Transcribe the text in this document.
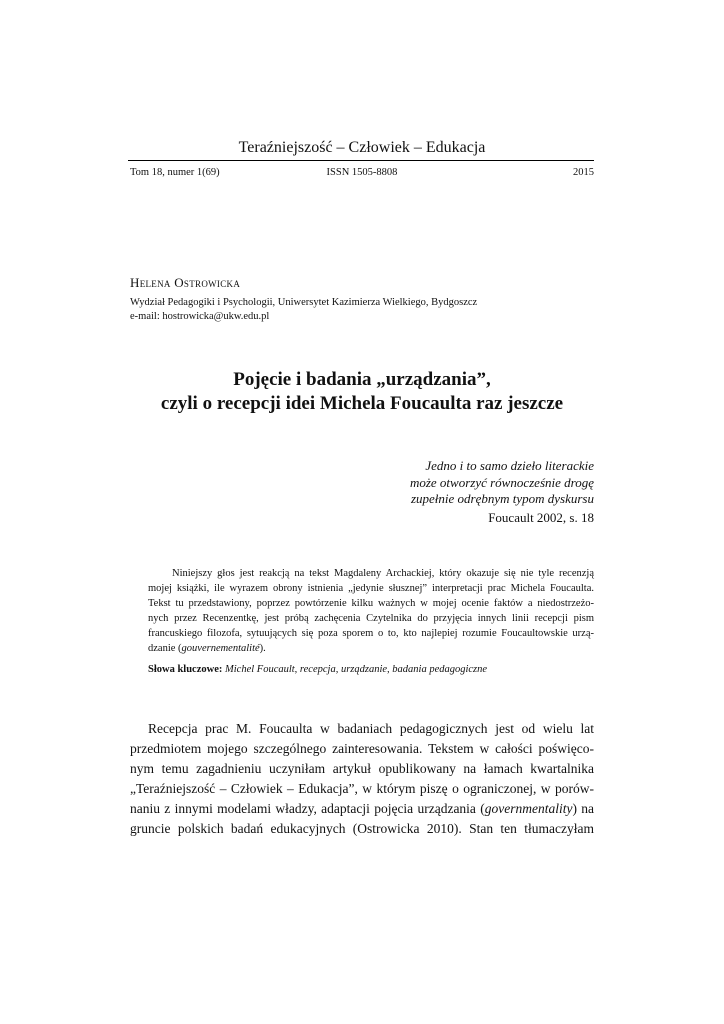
Teraźniejszość – Człowiek – Edukacja
Tom 18, numer 1(69)	ISSN 1505-8808	2015
Helena Ostrowicka
Wydział Pedagogiki i Psychologii, Uniwersytet Kazimierza Wielkiego, Bydgoszcz
e-mail: hostrowicka@ukw.edu.pl
Pojęcie i badania „urządzania”,
czyli o recepcji idei Michela Foucaulta raz jeszcze
Jedno i to samo dzieło literackie
może otworzyć równocześnie drogę
zupełnie odrębnym typom dyskursu
Foucault 2002, s. 18
Niniejszy głos jest reakcją na tekst Magdaleny Archackiej, który okazuje się nie tyle recenzją
mojej książki, ile wyrazem obrony istnienia „jedynie słusznej” interpretacji prac Michela Foucaulta.
Tekst tu przedstawiony, poprzez powtórzenie kilku ważnych w mojej ocenie faktów a niedostrzeżo-
nych przez Recenzentkę, jest próbą zachęcenia Czytelnika do przyjęcia innych linii recepcji pism
francuskiego filozofa, sytuujących się poza sporem o to, kto najlepiej rozumie Foucaultowskie urzą-
dzanie (gouvernementalité).
Słowa kluczowe: Michel Foucault, recepcja, urządzanie, badania pedagogiczne
Recepcja prac M. Foucaulta w badaniach pedagogicznych jest od wielu lat
przedmiotem mojego szczególnego zainteresowania. Tekstem w całości poświęco-
nym temu zagadnieniu uczyniłam artykuł opublikowany na łamach kwartalnika
„Teraźniejszość – Człowiek – Edukacja”, w którym piszę o ograniczonej, w porów-
naniu z innymi modelami władzy, adaptacji pojęcia urządzania (governmentality) na
gruncie polskich badań edukacyjnych (Ostrowicka 2010). Stan ten tłumaczyłam
